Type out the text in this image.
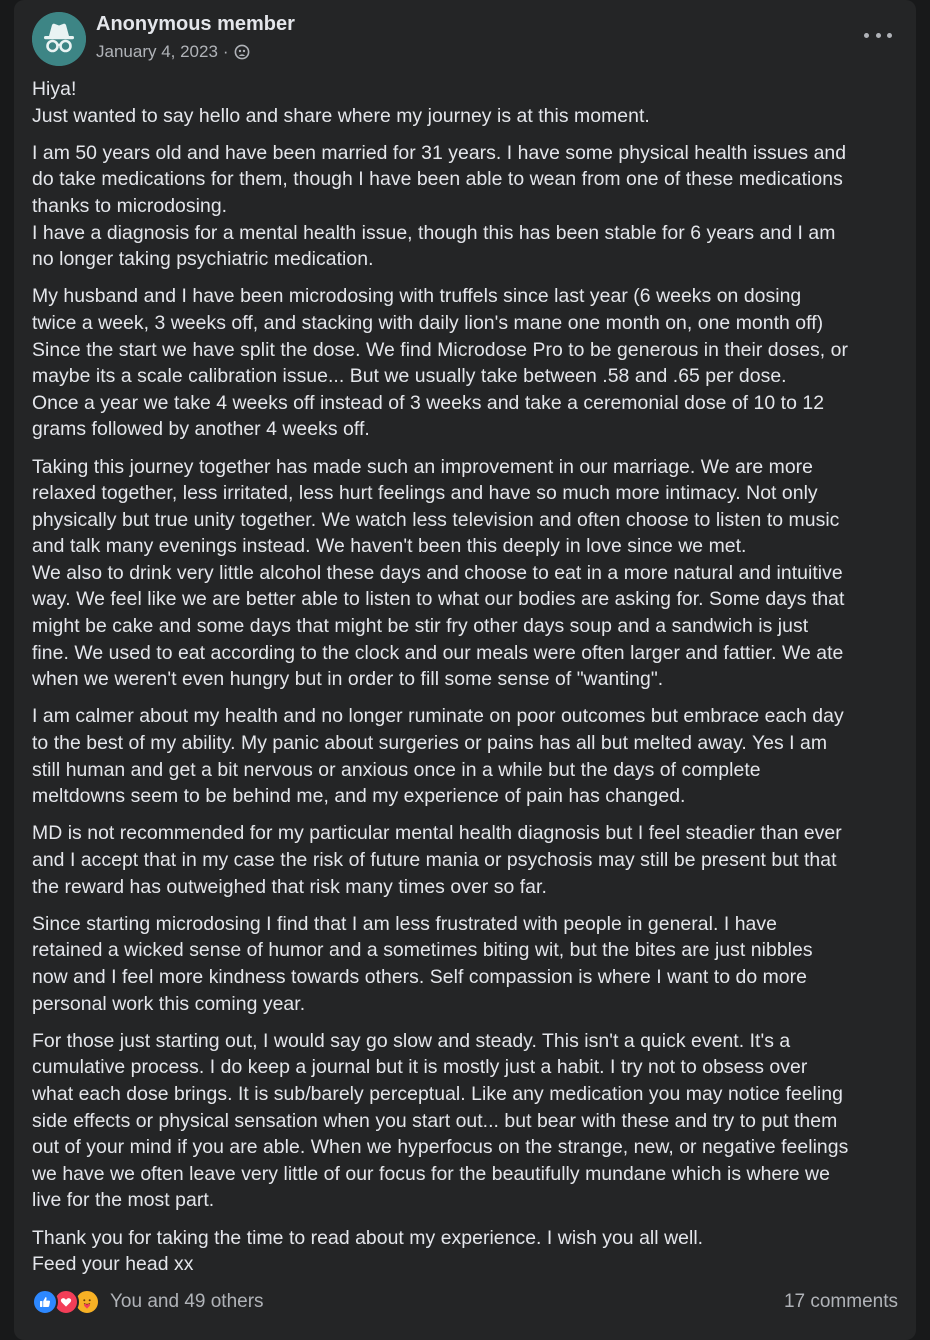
Anonymous member
January 4, 2023 ·

Hiya!
Just wanted to say hello and share where my journey is at this moment.

I am 50 years old and have been married for 31 years. I have some physical health issues and
do take medications for them, though I have been able to wean from one of these medications
thanks to microdosing.
I have a diagnosis for a mental health issue, though this has been stable for 6 years and I am
no longer taking psychiatric medication.

My husband and I have been microdosing with truffels since last year (6 weeks on dosing
twice a week, 3 weeks off, and stacking with daily lion's mane one month on, one month off)
Since the start we have split the dose. We find Microdose Pro to be generous in their doses, or
maybe its a scale calibration issue... But we usually take between .58 and .65 per dose.
Once a year we take 4 weeks off instead of 3 weeks and take a ceremonial dose of 10 to 12
grams followed by another 4 weeks off.

Taking this journey together has made such an improvement in our marriage. We are more
relaxed together, less irritated, less hurt feelings and have so much more intimacy. Not only
physically but true unity together. We watch less television and often choose to listen to music
and talk many evenings instead. We haven't been this deeply in love since we met.
We also to drink very little alcohol these days and choose to eat in a more natural and intuitive
way. We feel like we are better able to listen to what our bodies are asking for. Some days that
might be cake and some days that might be stir fry other days soup and a sandwich is just
fine. We used to eat according to the clock and our meals were often larger and fattier. We ate
when we weren't even hungry but in order to fill some sense of "wanting".

I am calmer about my health and no longer ruminate on poor outcomes but embrace each day
to the best of my ability. My panic about surgeries or pains has all but melted away. Yes I am
still human and get a bit nervous or anxious once in a while but the days of complete
meltdowns seem to be behind me, and my experience of pain has changed.

MD is not recommended for my particular mental health diagnosis but I feel steadier than ever
and I accept that in my case the risk of future mania or psychosis may still be present but that
the reward has outweighed that risk many times over so far.

Since starting microdosing I find that I am less frustrated with people in general. I have
retained a wicked sense of humor and a sometimes biting wit, but the bites are just nibbles
now and I feel more kindness towards others. Self compassion is where I want to do more
personal work this coming year.

For those just starting out, I would say go slow and steady. This isn't a quick event. It's a
cumulative process. I do keep a journal but it is mostly just a habit. I try not to obsess over
what each dose brings. It is sub/barely perceptual. Like any medication you may notice feeling
side effects or physical sensation when you start out... but bear with these and try to put them
out of your mind if you are able. When we hyperfocus on the strange, new, or negative feelings
we have we often leave very little of our focus for the beautifully mundane which is where we
live for the most part.

Thank you for taking the time to read about my experience. I wish you all well.
Feed your head xx

You and 49 others	17 comments
